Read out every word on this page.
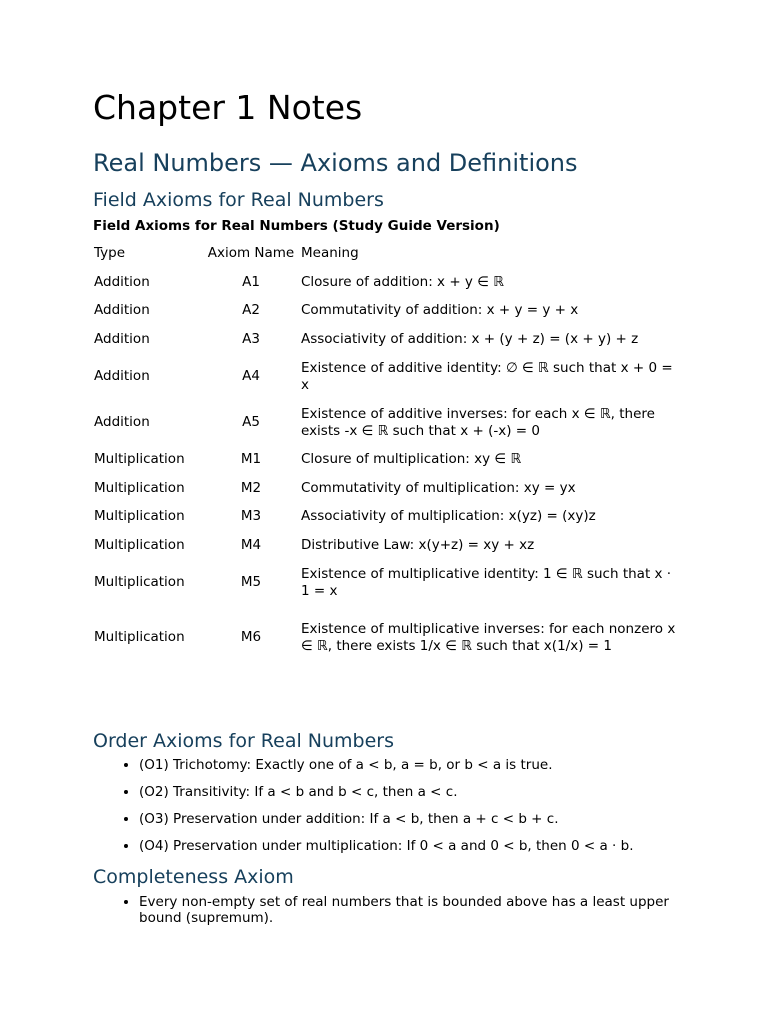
Chapter 1 Notes
Real Numbers — Axioms and Definitions
Field Axioms for Real Numbers
Field Axioms for Real Numbers (Study Guide Version)
Type	Axiom Name	Meaning
Addition	A1	Closure of addition: x + y ∈ ℝ
Addition	A2	Commutativity of addition: x + y = y + x
Addition	A3	Associativity of addition: x + (y + z) = (x + y) + z
Addition	A4	Existence of additive identity: ∅ ∈ ℝ such that x + 0 = x
Addition	A5	Existence of additive inverses: for each x ∈ ℝ, there exists -x ∈ ℝ such that x + (-x) = 0
Multiplication	M1	Closure of multiplication: xy ∈ ℝ
Multiplication	M2	Commutativity of multiplication: xy = yx
Multiplication	M3	Associativity of multiplication: x(yz) = (xy)z
Multiplication	M4	Distributive Law: x(y+z) = xy + xz
Multiplication	M5	Existence of multiplicative identity: 1 ∈ ℝ such that x · 1 = x
Multiplication	M6	Existence of multiplicative inverses: for each nonzero x ∈ ℝ, there exists 1/x ∈ ℝ such that x(1/x) = 1
Order Axioms for Real Numbers
• (O1) Trichotomy: Exactly one of a < b, a = b, or b < a is true.
• (O2) Transitivity: If a < b and b < c, then a < c.
• (O3) Preservation under addition: If a < b, then a + c < b + c.
• (O4) Preservation under multiplication: If 0 < a and 0 < b, then 0 < a · b.
Completeness Axiom
• Every non-empty set of real numbers that is bounded above has a least upper bound (supremum).
